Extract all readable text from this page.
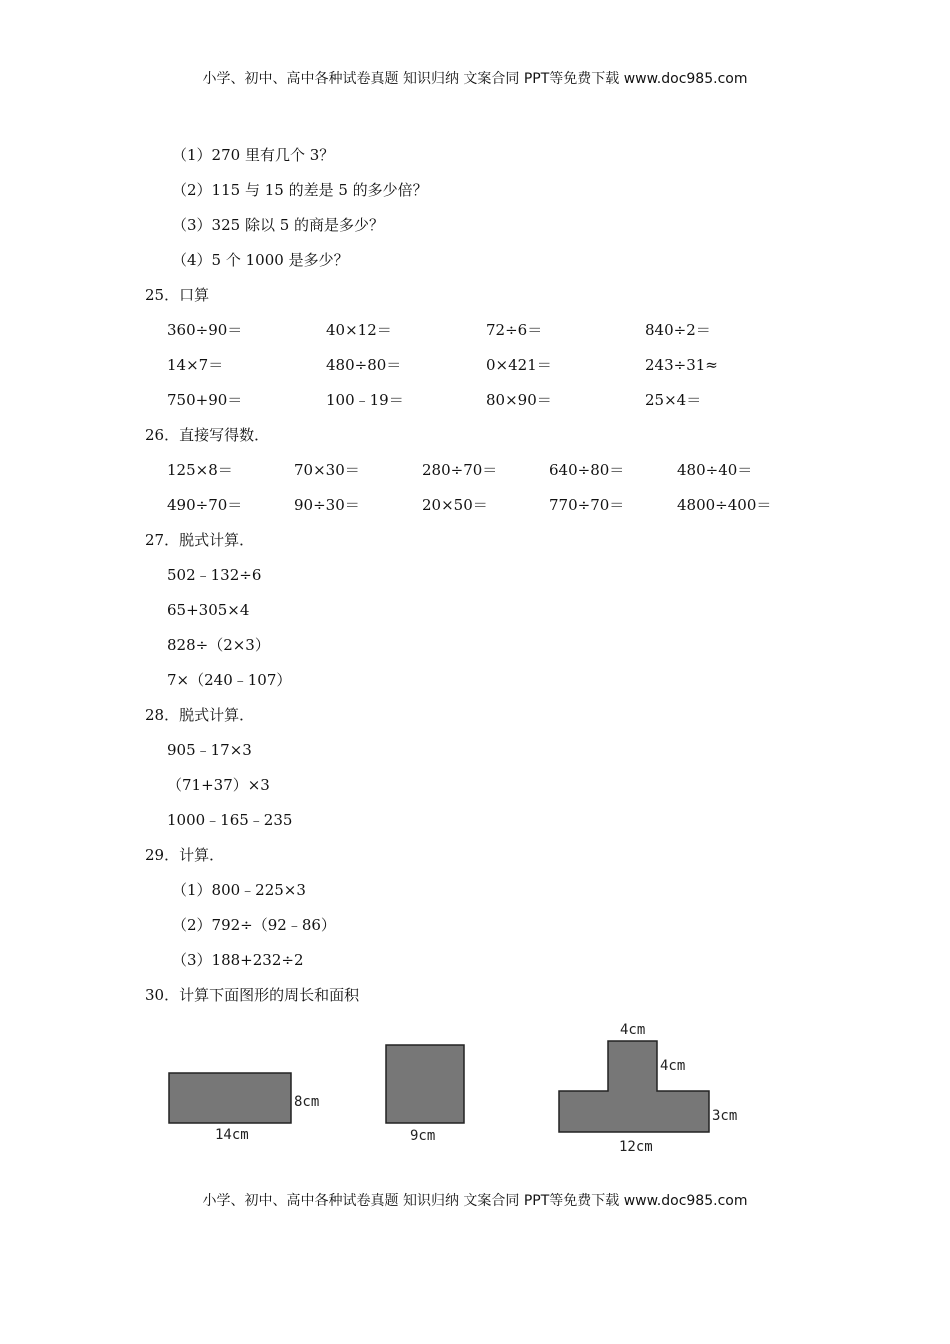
小学、初中、高中各种试卷真题 知识归纳 文案合同 PPT等免费下载 www.doc985.com
（1）270 里有几个 3？
（2）115 与 15 的差是 5 的多少倍？
（3）325 除以 5 的商是多少？
（4）5 个 1000 是多少？
25．口算
360÷90＝	40×12＝	72÷6＝	840÷2＝
14×7＝	480÷80＝	0×421＝	243÷31≈
750+90＝	100﹣19＝	80×90＝	25×4＝
26．直接写得数．
125×8＝	70×30＝	280÷70＝	640÷80＝	480÷40＝
490÷70＝	90÷30＝	20×50＝	770÷70＝	4800÷400＝
27．脱式计算．
502﹣132÷6
65+305×4
828÷（2×3）
7×（240﹣107）
28．脱式计算．
905﹣17×3
（71+37）×3
1000﹣165﹣235
29．计算．
（1）800﹣225×3
（2）792÷（92﹣86）
（3）188+232÷2
30．计算下面图形的周长和面积
8cm
14cm	9cm
4cm
4cm
3cm
12cm
小学、初中、高中各种试卷真题 知识归纳 文案合同 PPT等免费下载 www.doc985.com
